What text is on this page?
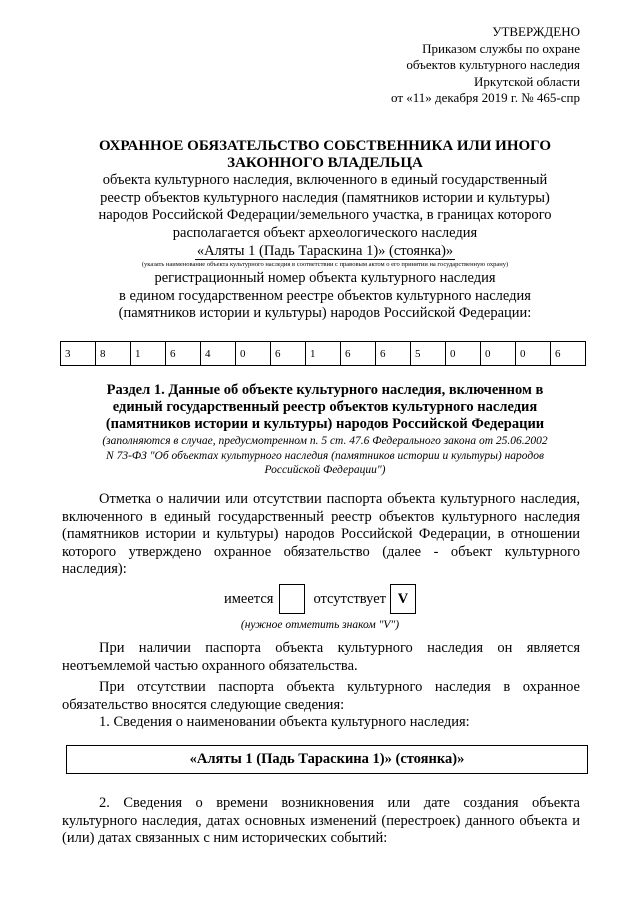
УТВЕРЖДЕНО
Приказом службы по охране
объектов культурного наследия
Иркутской области
от «11» декабря 2019 г. № 465-спр
ОХРАННОЕ ОБЯЗАТЕЛЬСТВО СОБСТВЕННИКА ИЛИ ИНОГО
ЗАКОННОГО ВЛАДЕЛЬЦА
объекта культурного наследия, включенного в единый государственный
реестр объектов культурного наследия (памятников истории и культуры)
народов Российской Федерации/земельного участка, в границах которого
располагается объект археологического наследия
«Аляты 1 (Падь Тараскина 1)» (стоянка)»
(указать наименование объекта культурного наследия в соответствии с правовым актом о его принятии на государственную охрану)
регистрационный номер объекта культурного наследия
в едином государственном реестре объектов культурного наследия
(памятников истории и культуры) народов Российской Федерации:
3	8	1	6	4	0	6	1	6	6	5	0	0	0	6
Раздел 1. Данные об объекте культурного наследия, включенном в
единый государственный реестр объектов культурного наследия
(памятников истории и культуры) народов Российской Федерации
(заполняются в случае, предусмотренном п. 5 ст. 47.6 Федерального закона от 25.06.2002
N 73-ФЗ "Об объектах культурного наследия (памятников истории и культуры) народов
Российской Федерации")

Отметка о наличии или отсутствии паспорта объекта культурного наследия, включенного в единый государственный реестр объектов культурного наследия (памятников истории и культуры) народов Российской Федерации, в отношении которого утверждено охранное обязательство (далее - объект культурного наследия):

имеется	отсутствует V
(нужное отметить знаком "V")

При наличии паспорта объекта культурного наследия он является неотъемлемой частью охранного обязательства.

При отсутствии паспорта объекта культурного наследия в охранное обязательство вносятся следующие сведения:

1. Сведения о наименовании объекта культурного наследия:

«Аляты 1 (Падь Тараскина 1)» (стоянка)»

2. Сведения о времени возникновения или дате создания объекта культурного наследия, датах основных изменений (перестроек) данного объекта и (или) датах связанных с ним исторических событий:
